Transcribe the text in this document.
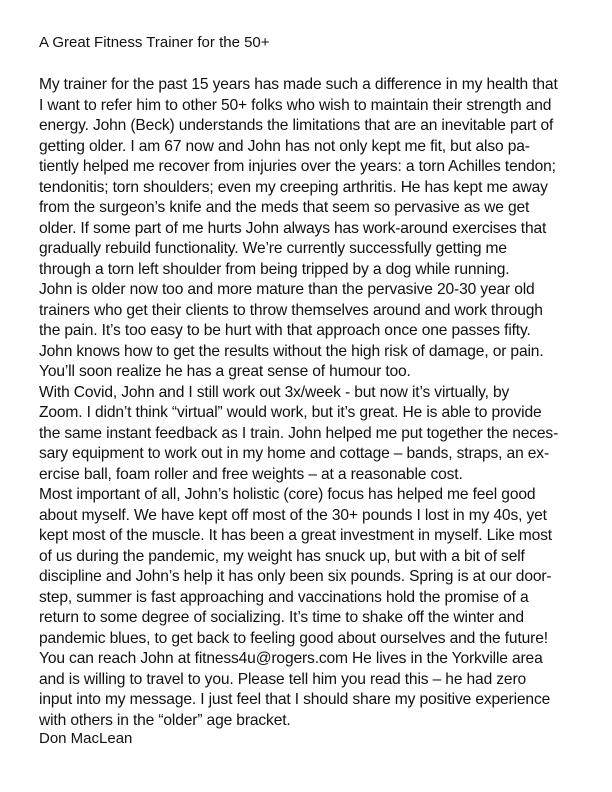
A Great Fitness Trainer for the 50+
My trainer for the past 15 years has made such a difference in my health that
I want to refer him to other 50+ folks who wish to maintain their strength and
energy. John (Beck) understands the limitations that are an inevitable part of
getting older. I am 67 now and John has not only kept me fit, but also pa-
tiently helped me recover from injuries over the years: a torn Achilles tendon;
tendonitis; torn shoulders; even my creeping arthritis. He has kept me away
from the surgeon’s knife and the meds that seem so pervasive as we get
older. If some part of me hurts John always has work-around exercises that
gradually rebuild functionality. We’re currently successfully getting me
through a torn left shoulder from being tripped by a dog while running.
John is older now too and more mature than the pervasive 20-30 year old
trainers who get their clients to throw themselves around and work through
the pain. It’s too easy to be hurt with that approach once one passes fifty.
John knows how to get the results without the high risk of damage, or pain.
You’ll soon realize he has a great sense of humour too.
With Covid, John and I still work out 3x/week - but now it’s virtually, by
Zoom. I didn’t think “virtual” would work, but it’s great. He is able to provide
the same instant feedback as I train. John helped me put together the neces-
sary equipment to work out in my home and cottage – bands, straps, an ex-
ercise ball, foam roller and free weights – at a reasonable cost.
Most important of all, John’s holistic (core) focus has helped me feel good
about myself. We have kept off most of the 30+ pounds I lost in my 40s, yet
kept most of the muscle. It has been a great investment in myself. Like most
of us during the pandemic, my weight has snuck up, but with a bit of self
discipline and John’s help it has only been six pounds. Spring is at our door-
step, summer is fast approaching and vaccinations hold the promise of a
return to some degree of socializing. It’s time to shake off the winter and
pandemic blues, to get back to feeling good about ourselves and the future!
You can reach John at fitness4u@rogers.com He lives in the Yorkville area
and is willing to travel to you. Please tell him you read this – he had zero
input into my message. I just feel that I should share my positive experience
with others in the “older” age bracket.
Don MacLean
